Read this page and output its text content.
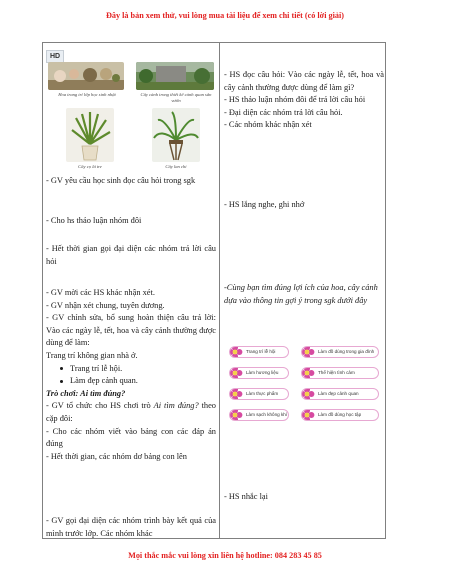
Đây là bản xem thử, vui lòng mua tài liệu để xem chi tiết (có lời giải)
HD
Hoa trang trí lớp học sinh nhật	Cây cảnh trong thiết kế cảnh quan sân vườn
Cây cọ lá tre	Cây lan chi
- GV yêu cầu học sinh đọc câu hỏi trong sgk
- Cho hs thảo luận nhóm đôi
- Hết thời gian gọi đại diện các nhóm trả lời câu hỏi
- GV mời các HS khác nhận xét.
- GV nhận xét chung, tuyên dương.
- GV chỉnh sửa, bổ sung hoàn thiện câu trả lời: Vào các ngày lễ, tết, hoa và cây cảnh thường được dùng để làm:
Trang trí không gian nhà ở.
Trang trí lễ hội.
Làm đẹp cảnh quan.
Trò chơi: Ai tìm đúng?
- GV tổ chức cho HS chơi trò Ai tìm đúng? theo cặp đôi:
- Cho các nhóm viết vào bảng con các đáp án đúng
- Hết thời gian, các nhóm dơ bảng con lên
- GV gọi đại diện các nhóm trình bày kết quả của mình trước lớp. Các nhóm khác
- HS đọc câu hỏi: Vào các ngày lễ, tết, hoa và cây cảnh thường được dùng để làm gì?
- HS thảo luận nhóm đôi để trả lời câu hỏi
- Đại diện các nhóm trả lời câu hỏi.
- Các nhóm khác nhận xét
- HS lắng nghe, ghi nhớ
-Cùng bạn tìm đúng lợi ích của hoa, cây cảnh dựa vào thông tin gợi ý trong sgk dưới đây
Trang trí lễ hội	Làm đồ dùng trong gia đình
Làm hương liệu	Thể hiện tình cảm
Làm thực phẩm	Làm đẹp cảnh quan
Làm sạch không khí	Làm đồ dùng học tập
- HS nhắc lại
Mọi thắc mắc vui lòng xin liên hệ hotline: 084 283 45 85
